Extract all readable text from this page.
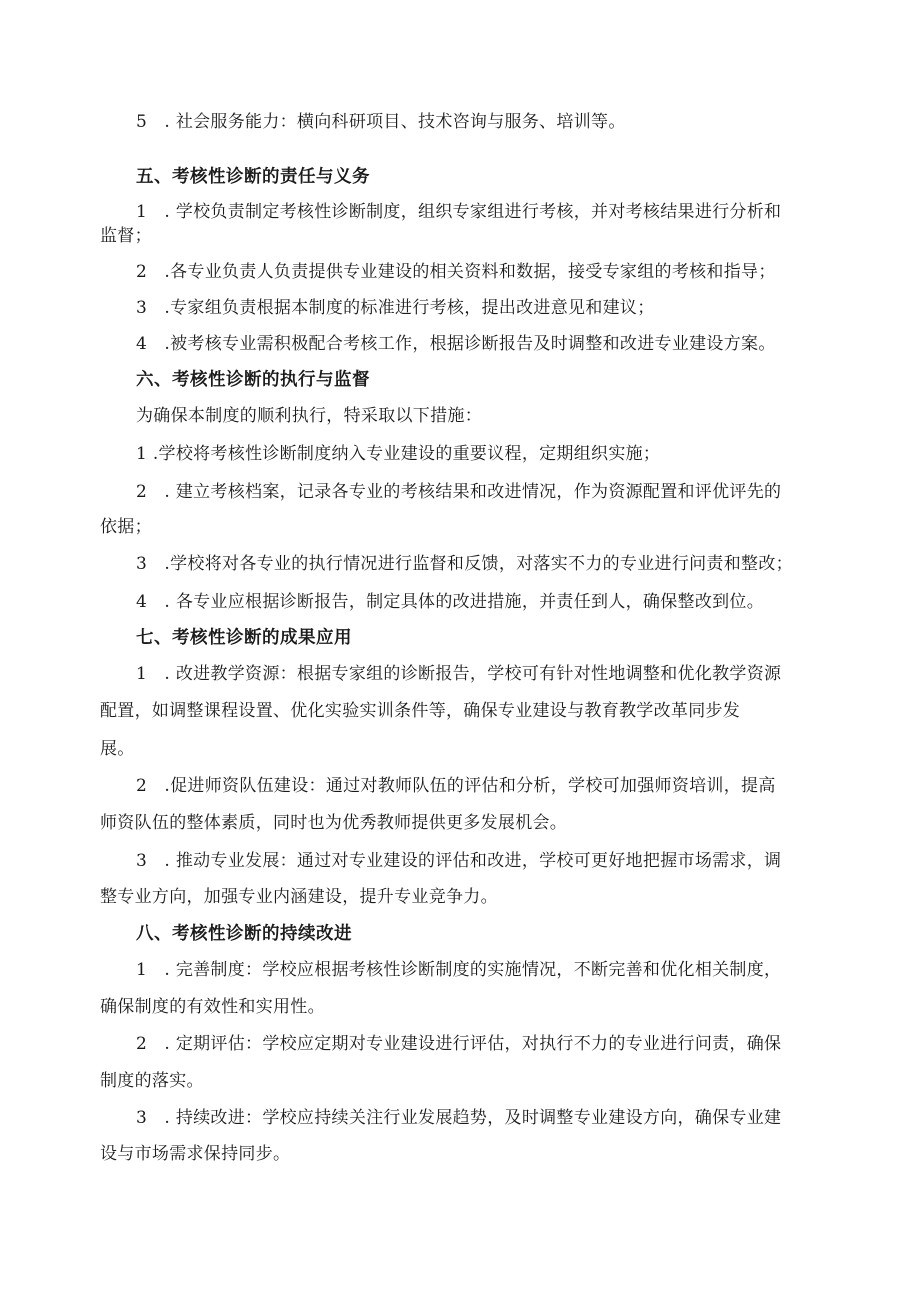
5　. 社会服务能力：横向科研项目、技术咨询与服务、培训等。
五、考核性诊断的责任与义务
1　. 学校负责制定考核性诊断制度，组织专家组进行考核，并对考核结果进行分析和
监督；
2　.各专业负责人负责提供专业建设的相关资料和数据，接受专家组的考核和指导；
3　.专家组负责根据本制度的标准进行考核，提出改进意见和建议；
4　.被考核专业需积极配合考核工作，根据诊断报告及时调整和改进专业建设方案。
六、考核性诊断的执行与监督
为确保本制度的顺利执行，特采取以下措施：
1 .学校将考核性诊断制度纳入专业建设的重要议程，定期组织实施；
2　. 建立考核档案，记录各专业的考核结果和改进情况，作为资源配置和评优评先的
依据；
3　.学校将对各专业的执行情况进行监督和反馈，对落实不力的专业进行问责和整改；
4　. 各专业应根据诊断报告，制定具体的改进措施，并责任到人，确保整改到位。
七、考核性诊断的成果应用
1　. 改进教学资源：根据专家组的诊断报告，学校可有针对性地调整和优化教学资源
配置，如调整课程设置、优化实验实训条件等，确保专业建设与教育教学改革同步发
展。
2　.促进师资队伍建设：通过对教师队伍的评估和分析，学校可加强师资培训，提高
师资队伍的整体素质，同时也为优秀教师提供更多发展机会。
3　. 推动专业发展：通过对专业建设的评估和改进，学校可更好地把握市场需求，调
整专业方向，加强专业内涵建设，提升专业竞争力。
八、考核性诊断的持续改进
1　. 完善制度：学校应根据考核性诊断制度的实施情况，不断完善和优化相关制度，
确保制度的有效性和实用性。
2　. 定期评估：学校应定期对专业建设进行评估，对执行不力的专业进行问责，确保
制度的落实。
3　. 持续改进：学校应持续关注行业发展趋势，及时调整专业建设方向，确保专业建
设与市场需求保持同步。
